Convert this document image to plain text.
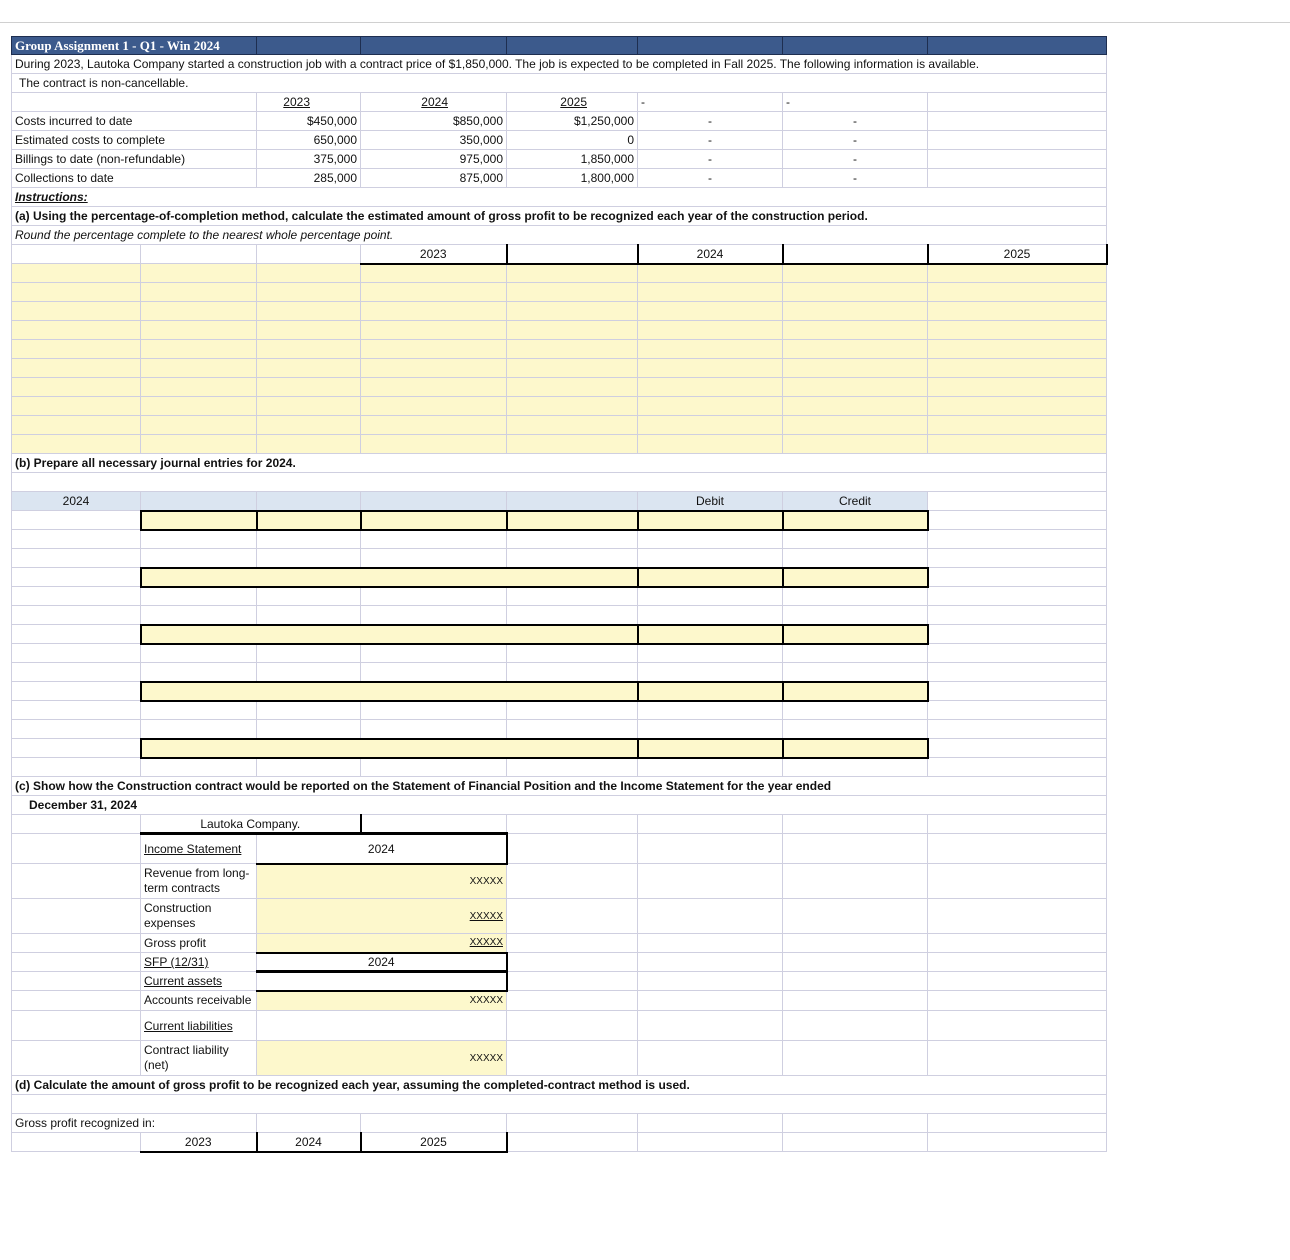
Group Assignment 1 - Q1 - Win 2024							
During 2023, Lautoka Company started a construction job with a contract price of $1,850,000. The job is expected to be completed in Fall 2025. The following information is available.							
The contract is non-cancellable.							
		2023	2024	2025	-	-	
Costs incurred to date		$450,000	$850,000	$1,250,000	-	-	
Estimated costs to complete		650,000	350,000	0	-	-	
Billings to date (non-refundable)		375,000	975,000	1,850,000	-	-	
Collections to date		285,000	875,000	1,800,000	-	-	
Instructions:							
(a) Using the percentage-of-completion method, calculate the estimated amount of gross profit to be recognized each year of the construction period.							
Round the percentage complete to the nearest whole percentage point.							
			2023		2024		2025

(b) Prepare all necessary journal entries for 2024.							

2024					Debit	Credit	

(c) Show how the Construction contract would be reported on the Statement of Financial Position and the Income Statement for the year ended							
December 31, 2024							
	Lautoka Company.						
	Income Statement	2024					
	Revenue from long-term contracts	XXXXX					
	Construction expenses	XXXXX					
	Gross profit	XXXXX					
	SFP (12/31)	2024					
	Current assets						
	Accounts receivable	XXXXX					
	Current liabilities						
	Contract liability (net)	XXXXX					
(d) Calculate the amount of gross profit to be recognized each year, assuming the completed-contract method is used.							

Gross profit recognized in:							
	2023	2024	2025				
